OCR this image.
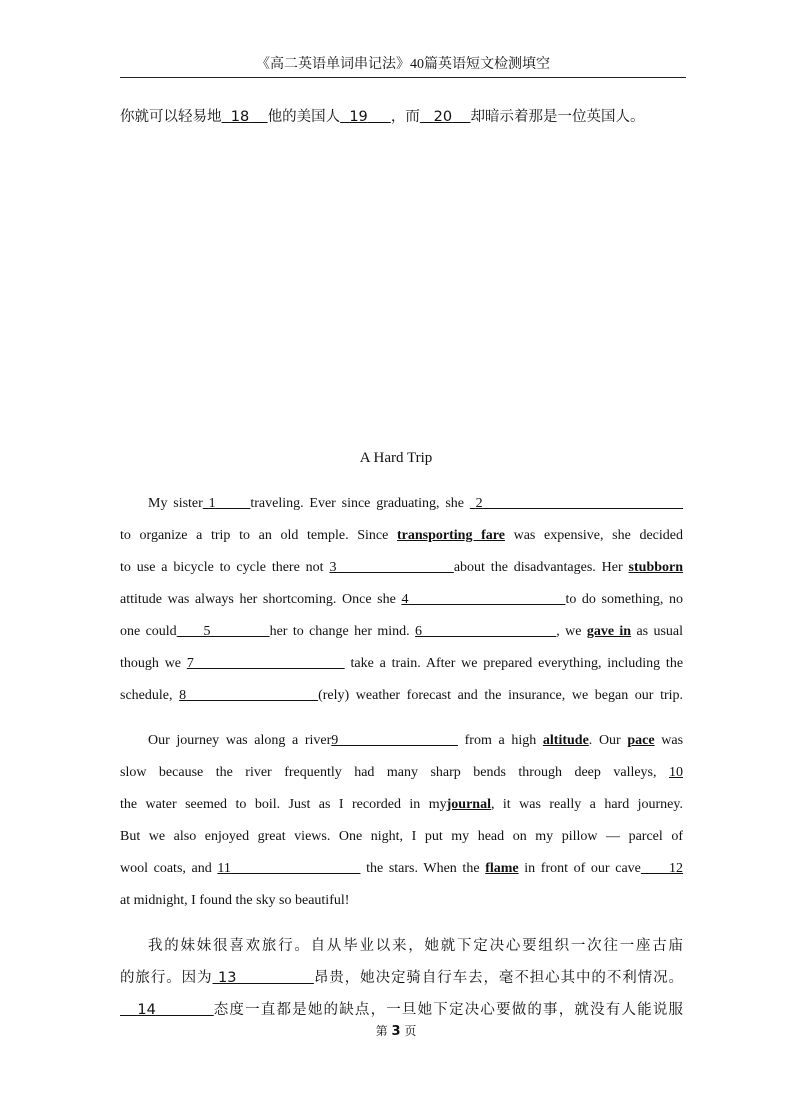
《高二英语单词串记法》40篇英语短文检测填空
你就可以轻易地 18 他的美国人 19 ，而 20 却暗示着那是一位英国人。
A Hard Trip
My sister 1 traveling. Ever since graduating, she 2
to organize a trip to an old temple. Since transporting fare was expensive, she decided
to use a bicycle to cycle there not 3	about the disadvantages. Her stubborn
attitude was always her shortcoming. Once she 4	to do something, no
one could 5	her to change her mind. 6	, we gave in as usual
though we 7	take a train. After we prepared everything, including the
schedule, 8	(rely) weather forecast and the insurance, we began our trip.
Our journey was along a river9	from a high altitude. Our pace was
slow because the river frequently had many sharp bends through deep valleys, 10
the water seemed to boil. Just as I recorded in myjournal, it was really a hard journey.
But we also enjoyed great views. One night, I put my head on my pillow — parcel of
wool coats, and 11	the stars. When the flame in front of our cave 12
at midnight, I found the sky so beautiful!
我的妹妹很喜欢旅行。自从毕业以来，她就下定决心要组织一次往一座古庙
的旅行。因为 13	昂贵，她决定骑自行车去，毫不担心其中的不利情况。
14	态度一直都是她的缺点，一旦她下定决心要做的事，就没有人能说服
第 3 页
